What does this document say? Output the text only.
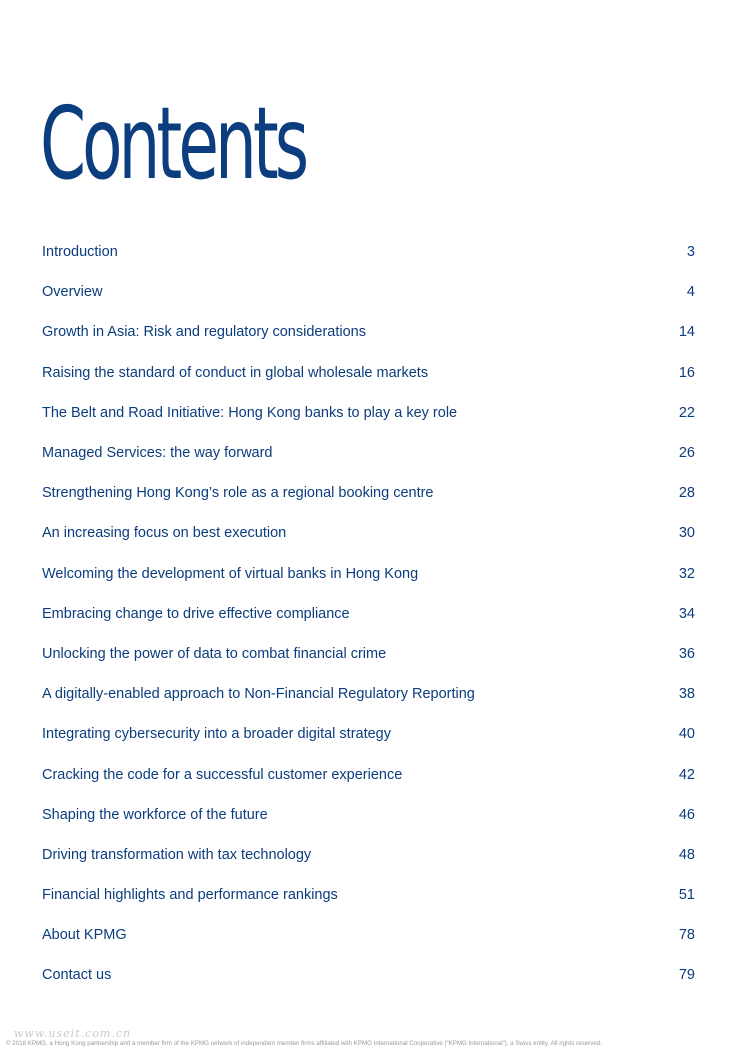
Contents
Introduction	3
Overview	4
Growth in Asia: Risk and regulatory considerations	14
Raising the standard of conduct in global wholesale markets	16
The Belt and Road Initiative: Hong Kong banks to play a key role	22
Managed Services: the way forward	26
Strengthening Hong Kong’s role as a regional booking centre	28
An increasing focus on best execution	30
Welcoming the development of virtual banks in Hong Kong	32
Embracing change to drive effective compliance	34
Unlocking the power of data to combat financial crime	36
A digitally-enabled approach to Non-Financial Regulatory Reporting	38
Integrating cybersecurity into a broader digital strategy	40
Cracking the code for a successful customer experience	42
Shaping the workforce of the future	46
Driving transformation with tax technology	48
Financial highlights and performance rankings	51
About KPMG	78
Contact us	79
www.useit.com.cn
© 2018 KPMG, a Hong Kong partnership and a member firm of the KPMG network of independent member firms affiliated with KPMG International Cooperative (“KPMG International”), a Swiss entity. All rights reserved.
